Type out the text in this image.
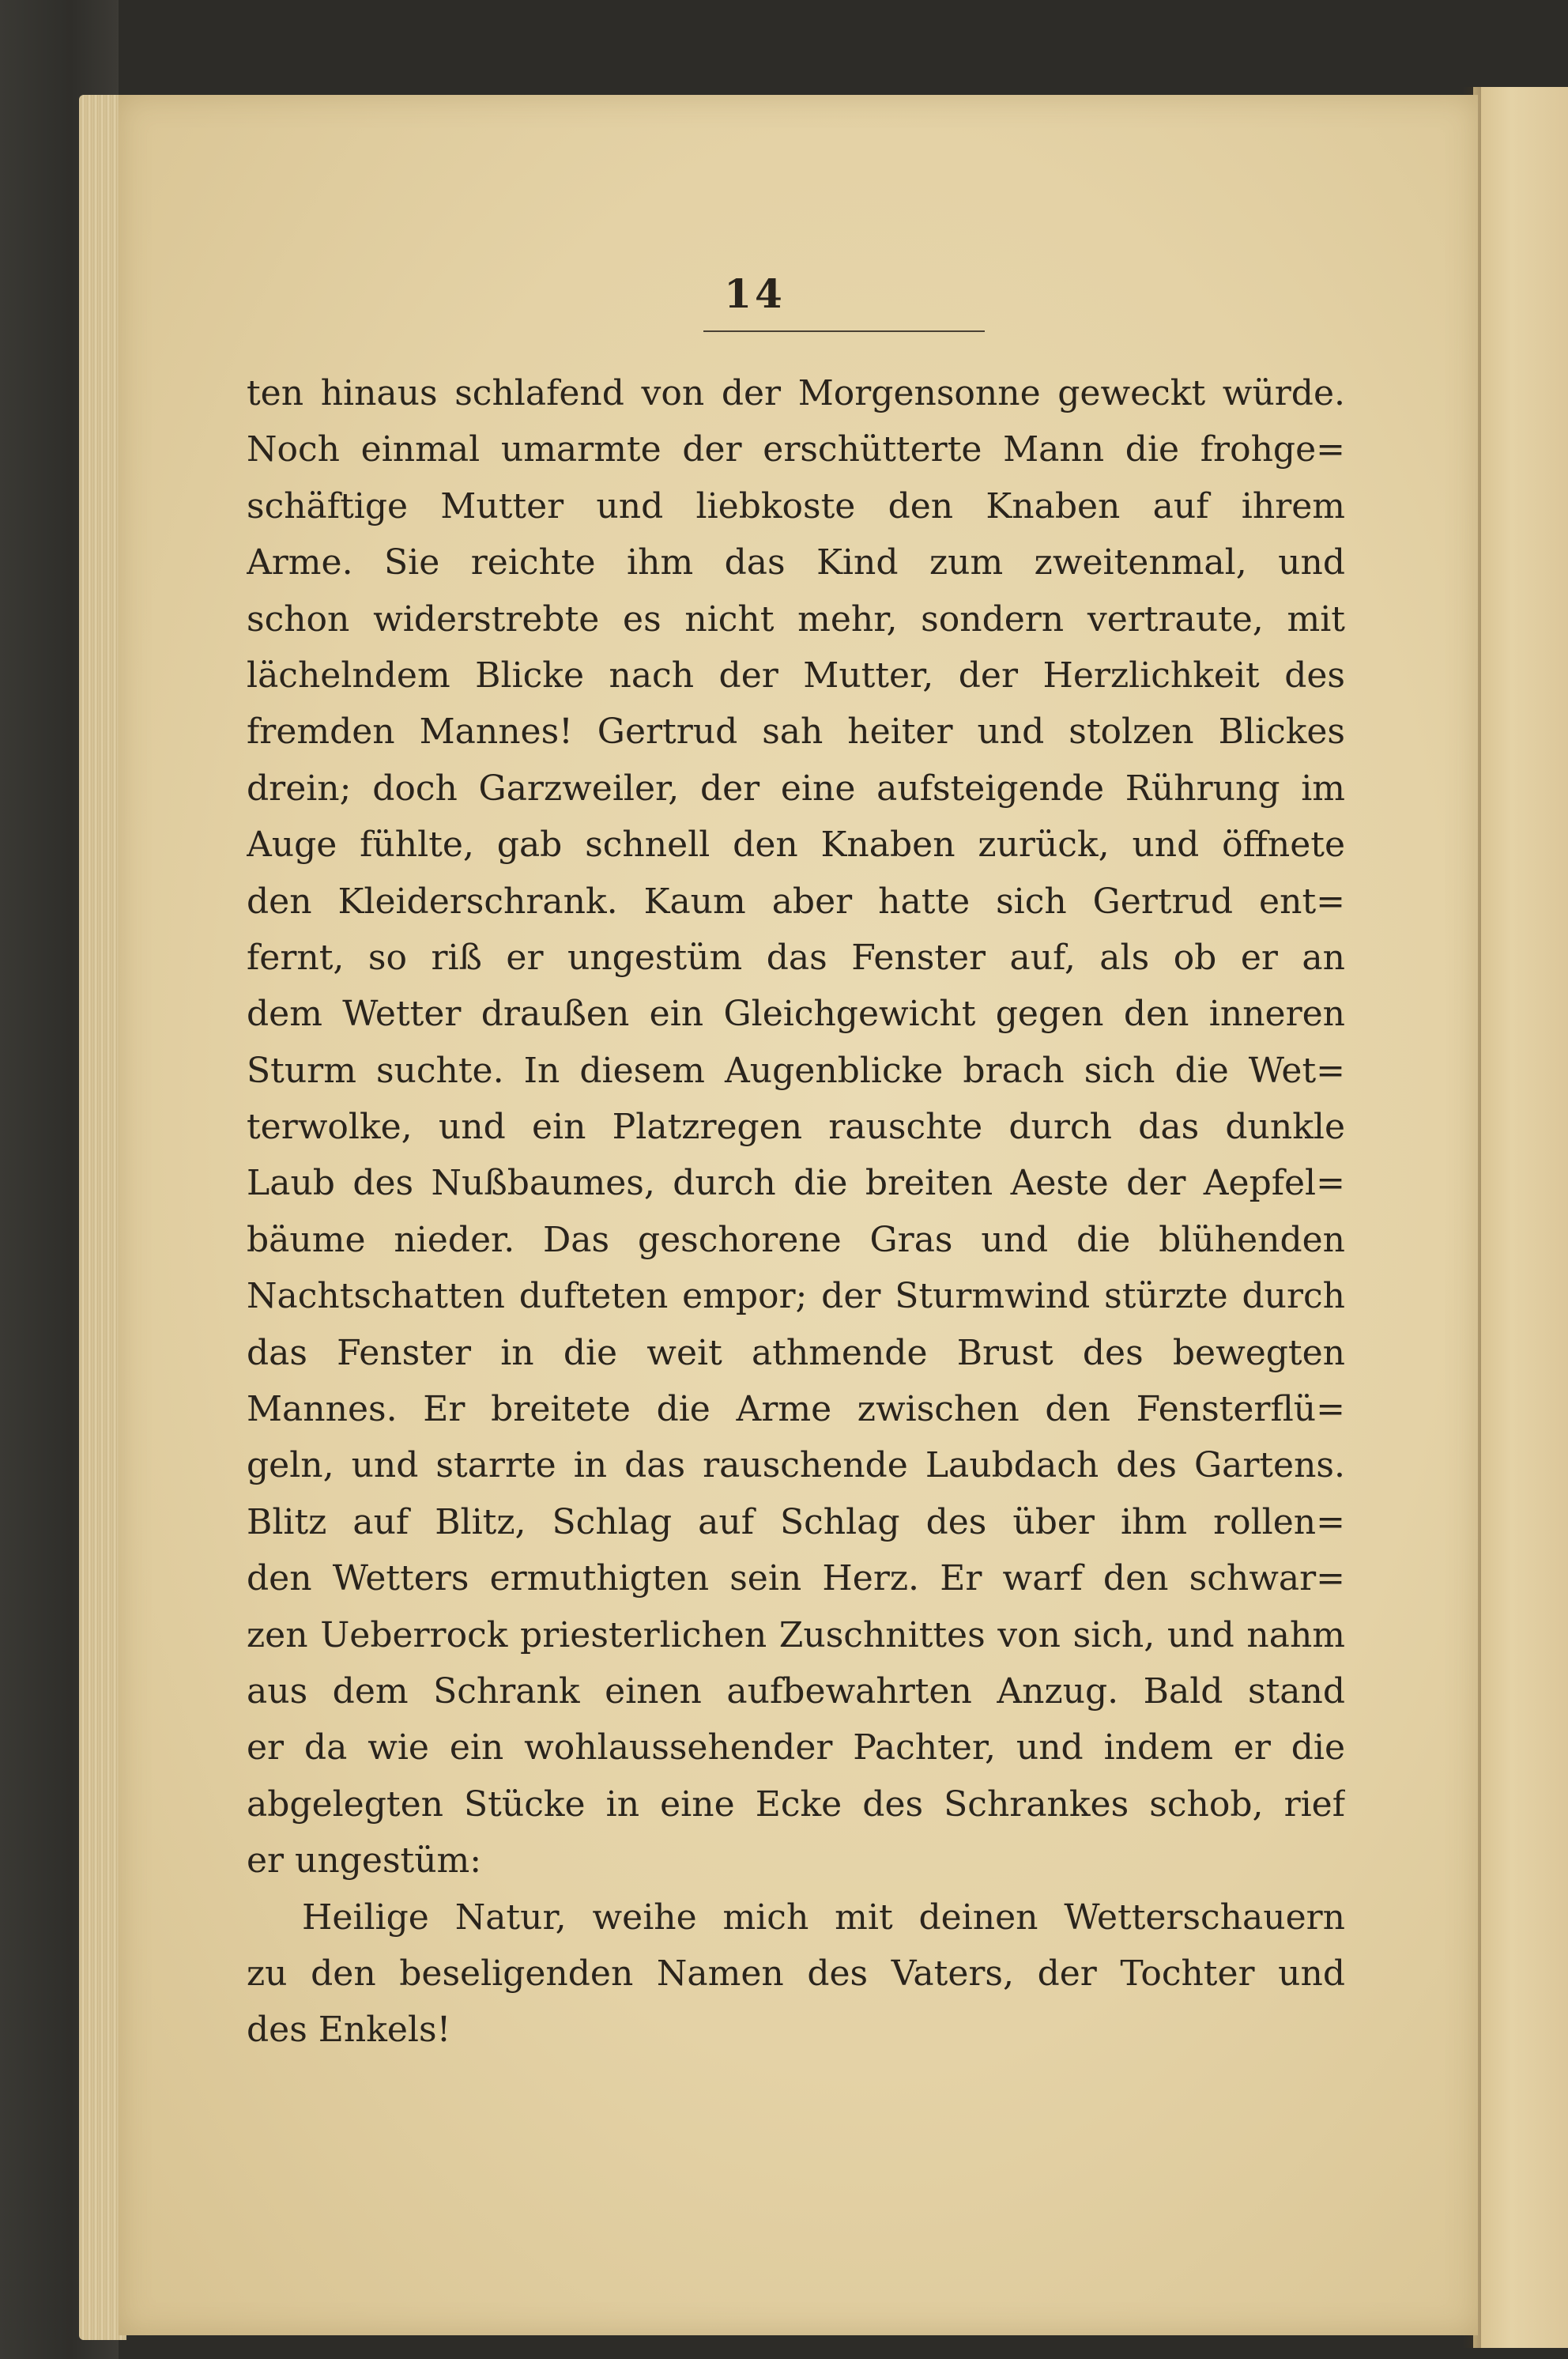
14
ten hinaus schlafend von der Morgensonne geweckt würde.
Noch einmal umarmte der erschütterte Mann die frohge=
schäftige Mutter und liebkoste den Knaben auf ihrem
Arme. Sie reichte ihm das Kind zum zweitenmal, und
schon widerstrebte es nicht mehr, sondern vertraute, mit
lächelndem Blicke nach der Mutter, der Herzlichkeit des
fremden Mannes! Gertrud sah heiter und stolzen Blickes
drein; doch Garzweiler, der eine aufsteigende Rührung im
Auge fühlte, gab schnell den Knaben zurück, und öffnete
den Kleiderschrank. Kaum aber hatte sich Gertrud ent=
fernt, so riß er ungestüm das Fenster auf, als ob er an
dem Wetter draußen ein Gleichgewicht gegen den inneren
Sturm suchte. In diesem Augenblicke brach sich die Wet=
terwolke, und ein Platzregen rauschte durch das dunkle
Laub des Nußbaumes, durch die breiten Aeste der Aepfel=
bäume nieder. Das geschorene Gras und die blühenden
Nachtschatten dufteten empor; der Sturmwind stürzte durch
das Fenster in die weit athmende Brust des bewegten
Mannes. Er breitete die Arme zwischen den Fensterflü=
geln, und starrte in das rauschende Laubdach des Gartens.
Blitz auf Blitz, Schlag auf Schlag des über ihm rollen=
den Wetters ermuthigten sein Herz. Er warf den schwar=
zen Ueberrock priesterlichen Zuschnittes von sich, und nahm
aus dem Schrank einen aufbewahrten Anzug. Bald stand
er da wie ein wohlaussehender Pachter, und indem er die
abgelegten Stücke in eine Ecke des Schrankes schob, rief
er ungestüm:
Heilige Natur, weihe mich mit deinen Wetterschauern
zu den beseligenden Namen des Vaters, der Tochter und
des Enkels!
